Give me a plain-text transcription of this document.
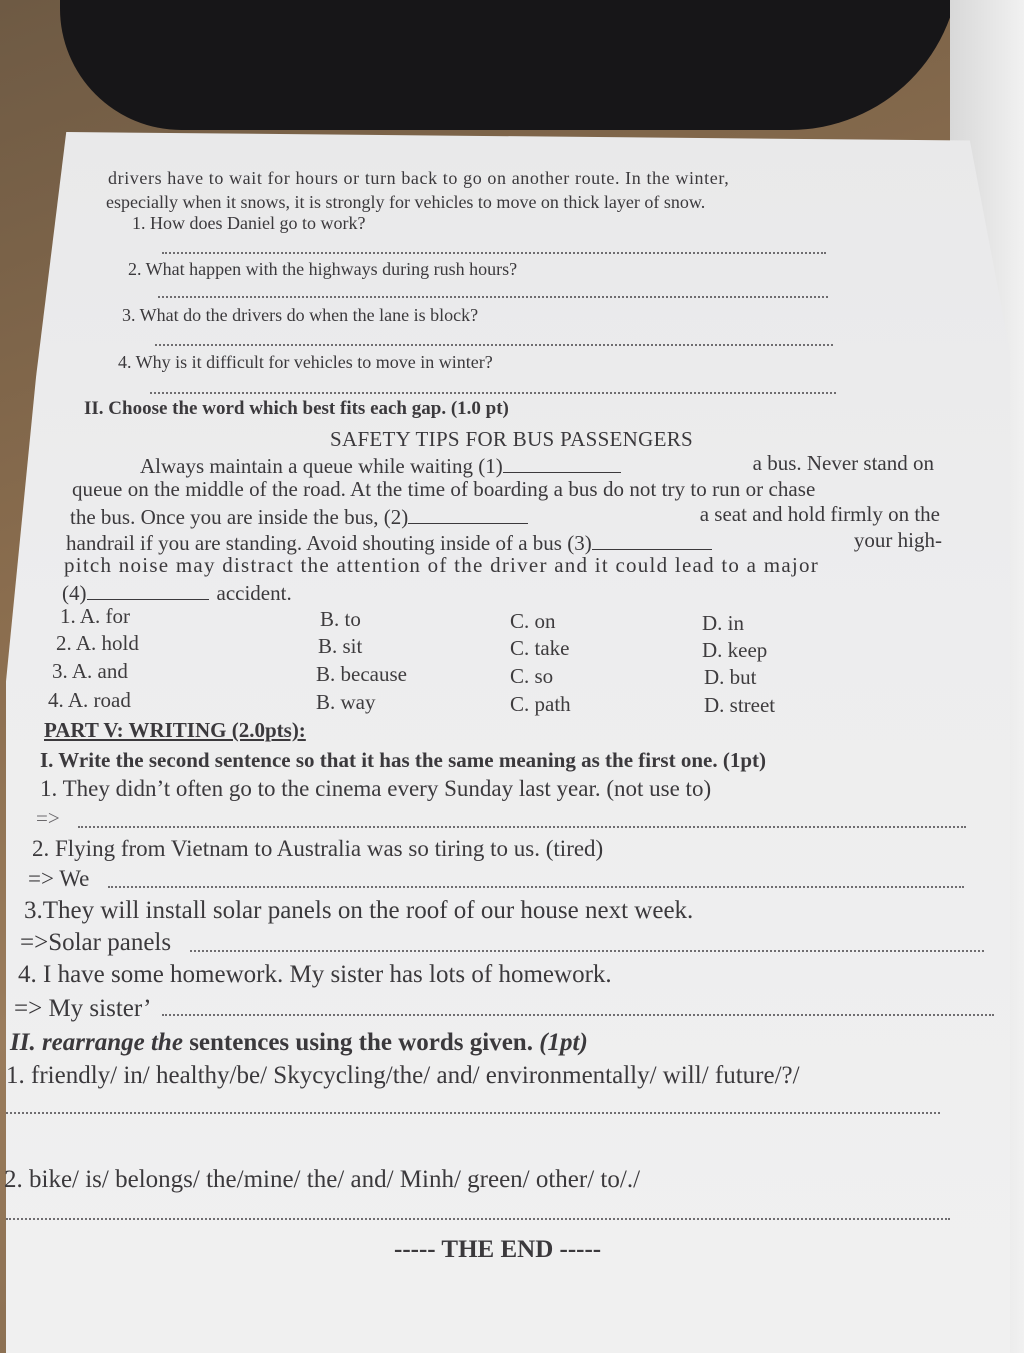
drivers have to wait for hours or turn back to go on another route. In the winter,
especially when it snows, it is strongly for vehicles to move on thick layer of snow.
1. How does Daniel go to work?
2. What happen with the highways during rush hours?
3. What do the drivers do when the lane is block?
4. Why is it difficult for vehicles to move in winter?
II. Choose the word which best fits each gap. (1.0 pt)
SAFETY TIPS FOR BUS PASSENGERS
Always maintain a queue while waiting (1)	a bus. Never stand on
queue on the middle of the road. At the time of boarding a bus do not try to run or chase
the bus. Once you are inside the bus, (2)	a seat and hold firmly on the
handrail if you are standing. Avoid shouting inside of a bus (3)	your high-
pitch noise may distract the attention of the driver and it could lead to a major
(4)	accident.
1. A. for	B. to	C. on	D. in
2. A. hold	B. sit	C. take	D. keep
3. A. and	B. because	C. so	D. but
4. A. road	B. way	C. path	D. street
PART V: WRITING (2.0pts):
I. Write the second sentence so that it has the same meaning as the first one. (1pt)
1. They didn’t often go to the cinema every Sunday last year. (not use to)
=>
2. Flying from Vietnam to Australia was so tiring to us. (tired)
=> We
3.They will install solar panels on the roof of our house next week.
=>Solar panels
4. I have some homework. My sister has lots of homework.
=> My sister’
II. rearrange the sentences using the words given. (1pt)
1. friendly/ in/ healthy/be/ Skycycling/the/ and/ environmentally/ will/ future/?/
2. bike/ is/ belongs/ the/mine/ the/ and/ Minh/ green/ other/ to/./
----- THE END -----
